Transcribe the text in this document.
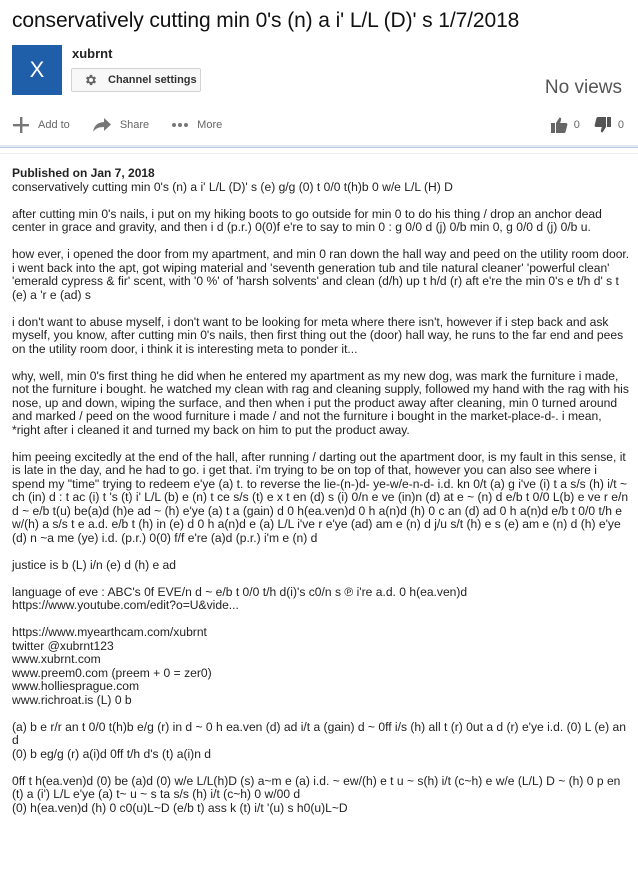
conservatively cutting min 0's (n) a i' L/L (D)' s 1/7/2018
X
xubrnt
Channel settings	No views
Add to	Share	More	0	0
Published on Jan 7, 2018
conservatively cutting min 0's (n) a i' L/L (D)' s (e) g/g (0) t 0/0 t(h)b 0 w/e L/L (H) D
after cutting min 0's nails, i put on my hiking boots to go outside for min 0 to do his thing / drop an anchor dead center in grace and gravity, and then i d (p.r.) 0(0)f e're to say to min 0 : g 0/0 d (j) 0/b min 0, g 0/0 d (j) 0/b u.
how ever, i opened the door from my apartment, and min 0 ran down the hall way and peed on the utility room door. i went back into the apt, got wiping material and 'seventh generation tub and tile natural cleaner' 'powerful clean' 'emerald cypress & fir' scent, with '0 %' of 'harsh solvents' and clean (d/h) up t h/d (r) aft e're the min 0's e t/h d' s t (e) a 'r e (ad) s
i don't want to abuse myself, i don't want to be looking for meta where there isn't, however if i step back and ask myself, you know, after cutting min 0's nails, then first thing out the (door) hall way, he runs to the far end and pees on the utility room door, i think it is interesting meta to ponder it...
why, well, min 0's first thing he did when he entered my apartment as my new dog, was mark the furniture i made, not the furniture i bought. he watched my clean with rag and cleaning supply, followed my hand with the rag with his nose, up and down, wiping the surface, and then when i put the product away after cleaning, min 0 turned around and marked / peed on the wood furniture i made / and not the furniture i bought in the market-place-d-. i mean, *right after i cleaned it and turned my back on him to put the product away.
him peeing excitedly at the end of the hall, after running / darting out the apartment door, is my fault in this sense, it is late in the day, and he had to go. i get that. i'm trying to be on top of that, however you can also see where i spend my "time" trying to redeem e'ye (a) t. to reverse the lie-(n-)d- ye-w/e-n-d- i.d. kn 0/t (a) g i've (i) t a s/s (h) i/t ~ ch (in) d : t ac (i) t 's (t) i' L/L (b) e (n) t ce s/s (t) e x t en (d) s (i) 0/n e ve (in)n (d) at e ~ (n) d e/b t 0/0 L(b) e ve r e/n d ~ e/b t(u) be(a)d (h)e ad ~ (h) e'ye (a) t a (gain) d 0 h(ea.ven)d 0 h a(n)d (h) 0 c an (d) ad 0 h a(n)d e/b t 0/0 t/h e w/(h) a s/s t e a.d. e/b t (h) in (e) d 0 h a(n)d e (a) L/L i've r e'ye (ad) am e (n) d j/u s/t (h) e s (e) am e (n) d (h) e'ye (d) n ~a me (ye) i.d. (p.r.) 0(0) f/f e're (a)d (p.r.) i'm e (n) d
justice is b (L) i/n (e) d (h) e ad
language of eve : ABC's 0f EVE/n d ~ e/b t 0/0 t/h d(i)'s c0/n s ℗ i're a.d. 0 h(ea.ven)d
https://www.youtube.com/edit?o=U&vide...
https://www.myearthcam.com/xubrnt
twitter @xubrnt123
www.xubrnt.com
www.preem0.com (preem + 0 = zer0)
www.holliesprague.com
www.richroat.is (L) 0 b
(a) b e r/r an t 0/0 t(h)b e/g (r) in d ~ 0 h ea.ven (d) ad i/t a (gain) d ~ 0ff i/s (h) all t (r) 0ut a d (r) e'ye i.d. (0) L (e) an d
(0) b eg/g (r) a(i)d 0ff t/h d's (t) a(i)n d
0ff t h(ea.ven)d (0) be (a)d (0) w/e L/L(h)D (s) a~m e (a) i.d. ~ ew/(h) e t u ~ s(h) i/t (c~h) e w/e (L/L) D ~ (h) 0 p en (t) a (i') L/L e'ye (a) t~ u ~ s ta s/s (h) i/t (c~h) 0 w/00 d
(0) h(ea.ven)d (h) 0 c0(u)L~D (e/b t) ass k (t) i/t '(u) s h0(u)L~D
